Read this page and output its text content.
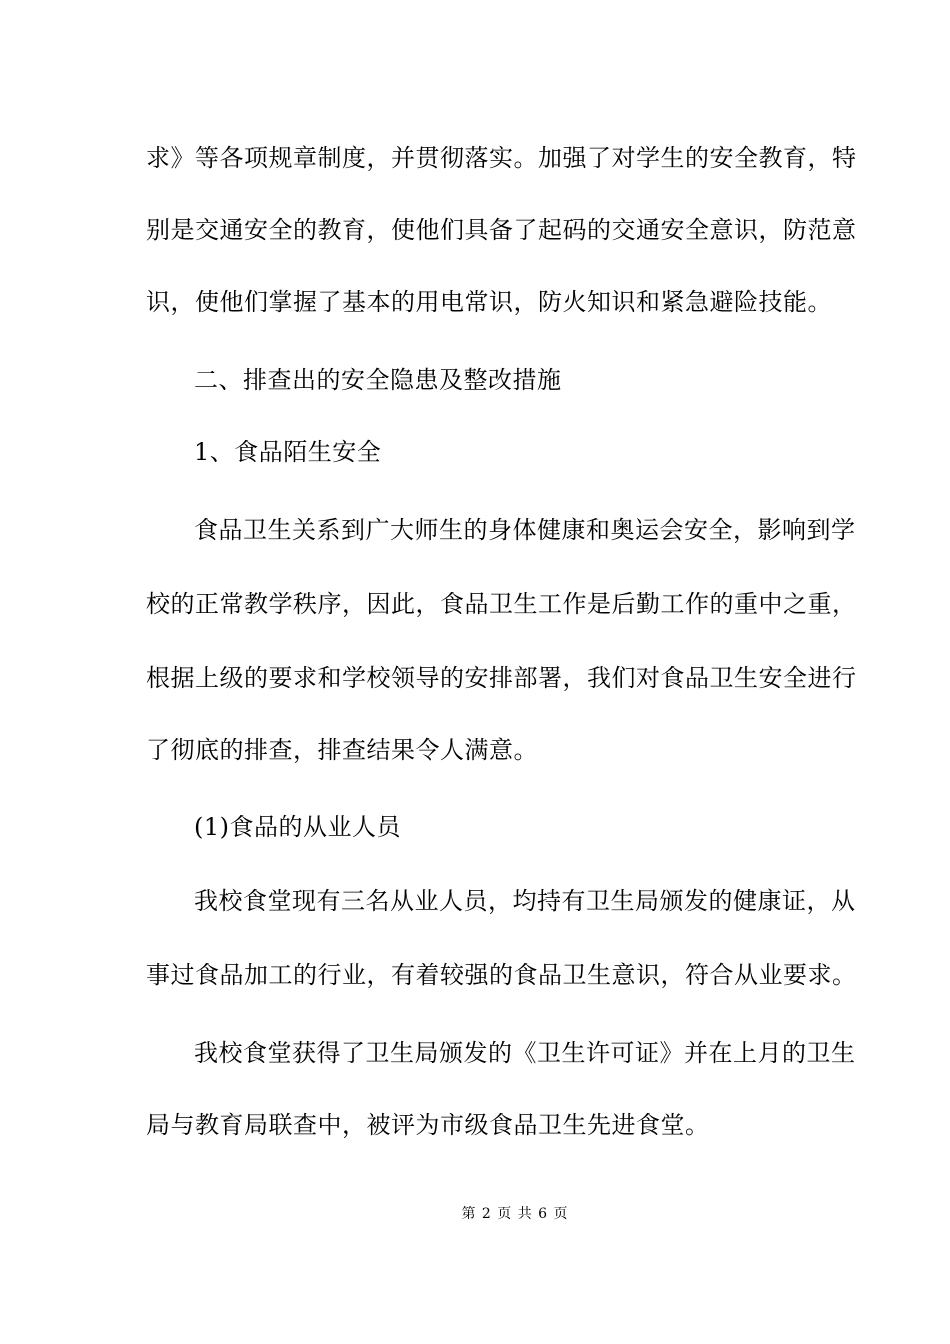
求》等各项规章制度，并贯彻落实。加强了对学生的安全教育，特
别是交通安全的教育，使他们具备了起码的交通安全意识，防范意
识，使他们掌握了基本的用电常识，防火知识和紧急避险技能。
二、排查出的安全隐患及整改措施
1、食品陌生安全
食品卫生关系到广大师生的身体健康和奥运会安全，影响到学
校的正常教学秩序，因此，食品卫生工作是后勤工作的重中之重，
根据上级的要求和学校领导的安排部署，我们对食品卫生安全进行
了彻底的排查，排查结果令人满意。
(1)食品的从业人员
我校食堂现有三名从业人员，均持有卫生局颁发的健康证，从
事过食品加工的行业，有着较强的食品卫生意识，符合从业要求。
我校食堂获得了卫生局颁发的《卫生许可证》并在上月的卫生
局与教育局联查中，被评为市级食品卫生先进食堂。
第 2 页 共 6 页
